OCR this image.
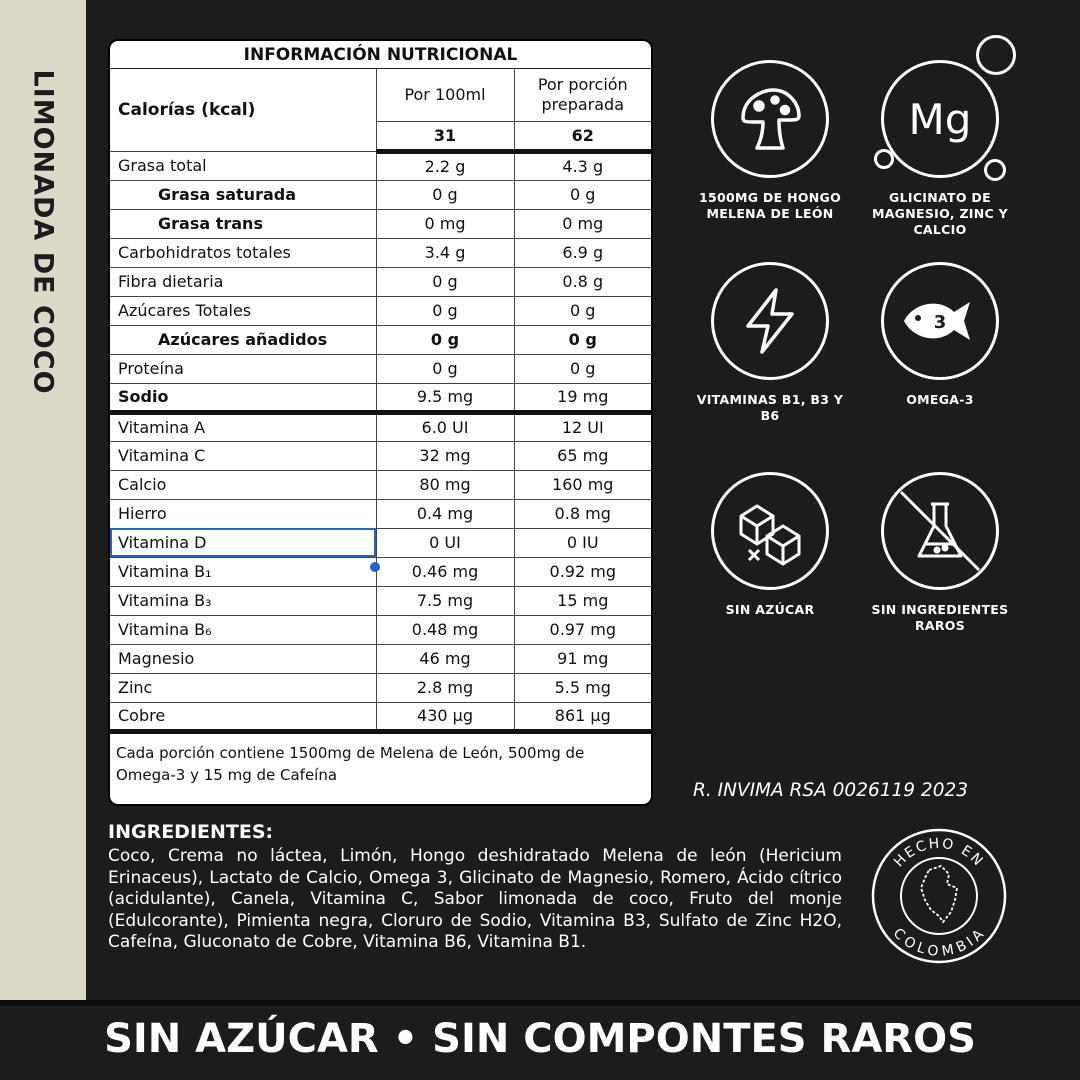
LIMONADA DE COCO
INFORMACIÓN NUTRICIONAL
Calorías (kcal)	Por 100ml	Por porción preparada
	31	62
Grasa total	2.2 g	4.3 g
Grasa saturada	0 g	0 g
Grasa trans	0 mg	0 mg
Carbohidratos totales	3.4 g	6.9 g
Fibra dietaria	0 g	0.8 g
Azúcares Totales	0 g	0 g
Azúcares añadidos	0 g	0 g
Proteína	0 g	0 g
Sodio	9.5 mg	19 mg
Vitamina A	6.0 UI	12 UI
Vitamina C	32 mg	65 mg
Calcio	80 mg	160 mg
Hierro	0.4 mg	0.8 mg
Vitamina D	0 UI	0 IU
Vitamina B₁	0.46 mg	0.92 mg
Vitamina B₃	7.5 mg	15 mg
Vitamina B₆	0.48 mg	0.97 mg
Magnesio	46 mg	91 mg
Zinc	2.8 mg	5.5 mg
Cobre	430 µg	861 µg
Cada porción contiene 1500mg de Melena de León, 500mg de Omega-3 y 15 mg de Cafeína
1500MG DE HONGO MELENA DE LEÓN
Mg
GLICINATO DE MAGNESIO, ZINC Y CALCIO
VITAMINAS B1, B3 Y B6
3
OMEGA-3
SIN AZÚCAR	SIN INGREDIENTES RAROS
R. INVIMA RSA 0026119 2023
INGREDIENTES:
Coco, Crema no láctea, Limón, Hongo deshidratado Melena de león (Hericium Erinaceus), Lactato de Calcio, Omega 3, Glicinato de Magnesio, Romero, Ácido cítrico (acidulante), Canela, Vitamina C, Sabor limonada de coco, Fruto del monje (Edulcorante), Pimienta negra, Cloruro de Sodio, Vitamina B3, Sulfato de Zinc H2O, Cafeína, Gluconato de Cobre, Vitamina B6, Vitamina B1.
HECHO EN
COLOMBIA
SIN AZÚCAR • SIN COMPONTES RAROS
